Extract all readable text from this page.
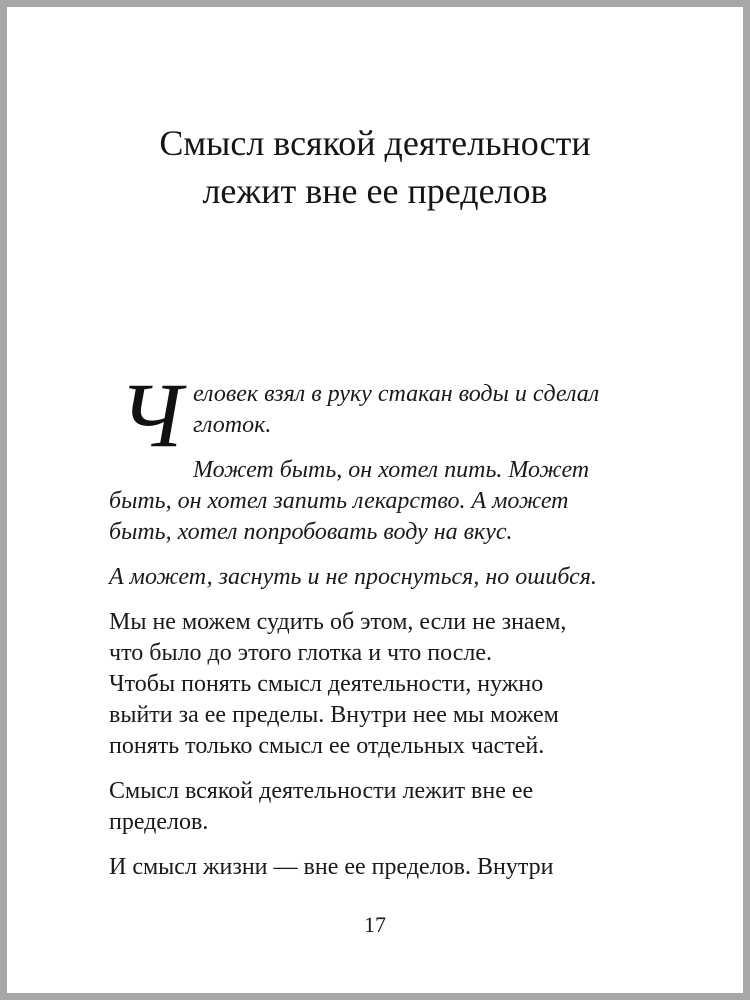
Смысл всякой деятельности
лежит вне ее пределов
Ч еловек взял в руку стакан воды и сделал
глоток.
Может быть, он хотел пить. Может
быть, он хотел запить лекарство. А может
быть, хотел попробовать воду на вкус.
А может, заснуть и не проснуться, но ошибся.
Мы не можем судить об этом, если не знаем,
что было до этого глотка и что после.
Чтобы понять смысл деятельности, нужно
выйти за ее пределы. Внутри нее мы можем
понять только смысл ее отдельных частей.
Смысл всякой деятельности лежит вне ее
пределов.
И смысл жизни — вне ее пределов. Внутри
17
